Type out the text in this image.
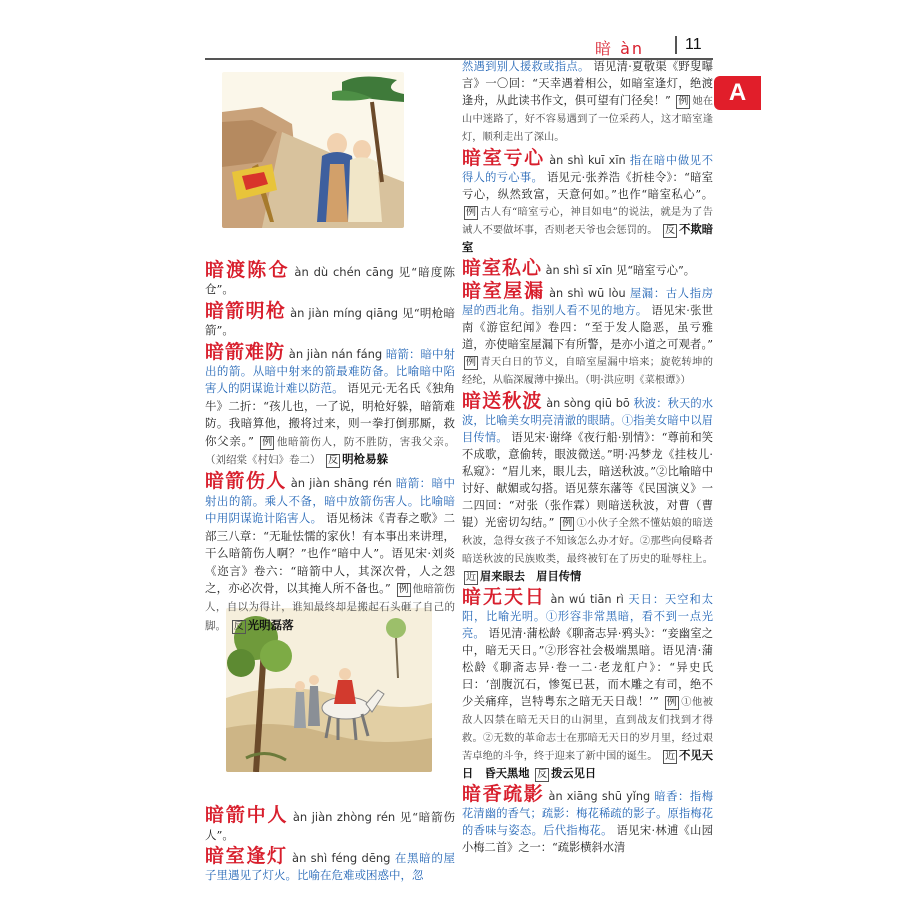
暗 àn	11
A
暗渡陈仓 àn dù chén cāng 见“暗度陈仓”。
暗箭明枪 àn jiàn míng qiāng 见“明枪暗箭”。
暗箭难防 àn jiàn nán fáng 暗箭：暗中射出的箭。从暗中射来的箭最难防备。比喻暗中陷害人的阴谋诡计难以防范。 语见元·无名氏《独角牛》二折：“孩儿也，一了说，明枪好躲，暗箭难防。我暗算他，搬将过来，则一拳打倒那厮，救你父亲。” 例 他暗箭伤人，防不胜防，害我父亲。（刘绍棠《村妇》卷二） 反 明枪易躲
暗箭伤人 àn jiàn shāng rén 暗箭：暗中射出的箭。乘人不备，暗中放箭伤害人。比喻暗中用阴谋诡计陷害人。 语见杨沫《青春之歌》二部三八章：“无耻怯懦的家伙！有本事出来讲理，干么暗箭伤人啊？”也作“暗中人”。语见宋·刘炎《迩言》卷六：“暗箭中人，其深次骨，人之怨之，亦必次骨，以其掩人所不备也。” 例 他暗箭伤人，自以为得计，谁知最终却是搬起石头砸了自己的脚。 反 光明磊落
暗箭中人 àn jiàn zhòng rén 见“暗箭伤人”。
暗室逢灯 àn shì féng dēng 在黑暗的屋子里遇见了灯火。比喻在危难或困惑中，忽
然遇到别人援救或指点。 语见清·夏敬渠《野叟曝言》一〇回：“天幸遇着相公，如暗室逢灯，绝渡逢舟，从此读书作文，俱可望有门径矣！” 例 她在山中迷路了，好不容易遇到了一位采药人，这才暗室逢灯，顺利走出了深山。
暗室亏心 àn shì kuī xīn 指在暗中做见不得人的亏心事。 语见元·张养浩《折桂令》：“暗室亏心，纵然致富，天意何如。”也作“暗室私心”。 例 古人有“暗室亏心，神目如电”的说法，就是为了告诫人不要做坏事，否则老天爷也会惩罚的。 反 不欺暗室
暗室私心 àn shì sī xīn 见“暗室亏心”。
暗室屋漏 àn shì wū lòu 屋漏：古人指房屋的西北角。指别人看不见的地方。 语见宋·张世南《游宦纪闻》卷四：“至于发人隐恶，虽亏雅道，亦使暗室屋漏下有所警，是亦小道之可观者。” 例 青天白日的节义，自暗室屋漏中培来；旋乾转坤的经纶，从临深履薄中操出。（明·洪应明《菜根谭》）
暗送秋波 àn sòng qiū bō 秋波：秋天的水波，比喻美女明亮清澈的眼睛。①指美女暗中以眉目传情。 语见宋·谢绛《夜行船·别情》：“尊前和笑不成歌，意偷转，眼波微送。”明·冯梦龙《挂枝儿·私窥》：“眉儿来，眼儿去，暗送秋波。”②比喻暗中讨好、献媚或勾搭。语见蔡东藩等《民国演义》一二四回：“对张（张作霖）则暗送秋波，对曹（曹锟）光密切勾结。” 例 ①小伙子全然不懂姑娘的暗送秋波，急得女孩子不知该怎么办才好。②那些向侵略者暗送秋波的民族败类，最终被钉在了历史的耻辱柱上。 近 眉来眼去　眉目传情
暗无天日 àn wú tiān rì 天日：天空和太阳，比喻光明。①形容非常黑暗，看不到一点光亮。 语见清·蒲松龄《聊斋志异·鸦头》：“妾幽室之中，暗无天日。”②形容社会极端黑暗。语见清·蒲松龄《聊斋志异·卷一二·老龙舡户》：“异史氏曰：‘剖腹沉石，惨冤已甚，而木雕之有司，绝不少关痛痒，岂特粤东之暗无天日哉！’” 例 ①他被敌人囚禁在暗无天日的山洞里，直到战友们找到才得救。②无数的革命志士在那暗无天日的岁月里，经过艰苦卓绝的斗争，终于迎来了新中国的诞生。 近 不见天日　昏天黑地 反 拨云见日
暗香疏影 àn xiāng shū yǐng 暗香：指梅花清幽的香气；疏影：梅花稀疏的影子。原指梅花的香味与姿态。后代指梅花。 语见宋·林逋《山园小梅二首》之一：“疏影横斜水清
